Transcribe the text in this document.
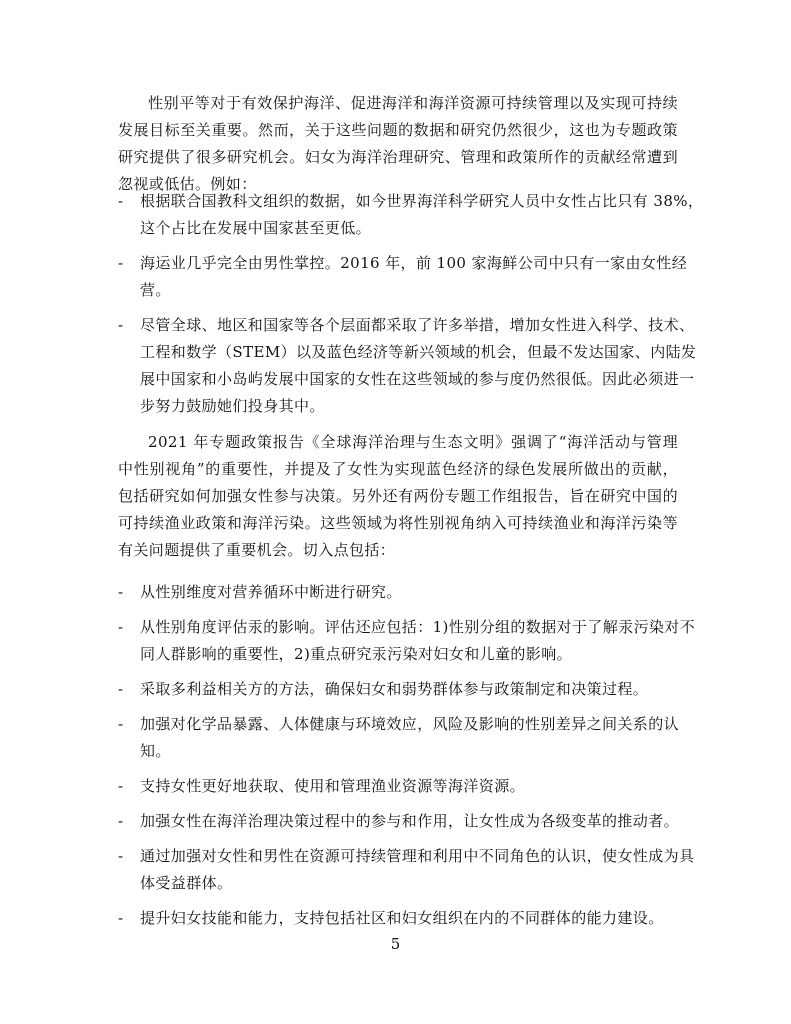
性别平等对于有效保护海洋、促进海洋和海洋资源可持续管理以及实现可持续发展目标至关重要。然而，关于这些问题的数据和研究仍然很少，这也为专题政策研究提供了很多研究机会。妇女为海洋治理研究、管理和政策所作的贡献经常遭到忽视或低估。例如：

-	根据联合国教科文组织的数据，如今世界海洋科学研究人员中女性占比只有 38%，这个占比在发展中国家甚至更低。
-	海运业几乎完全由男性掌控。2016 年，前 100 家海鲜公司中只有一家由女性经营。
-	尽管全球、地区和国家等各个层面都采取了许多举措，增加女性进入科学、技术、工程和数学（STEM）以及蓝色经济等新兴领域的机会，但最不发达国家、内陆发展中国家和小岛屿发展中国家的女性在这些领域的参与度仍然很低。因此必须进一步努力鼓励她们投身其中。

2021 年专题政策报告《全球海洋治理与生态文明》强调了“海洋活动与管理中性别视角”的重要性，并提及了女性为实现蓝色经济的绿色发展所做出的贡献，包括研究如何加强女性参与决策。另外还有两份专题工作组报告，旨在研究中国的可持续渔业政策和海洋污染。这些领域为将性别视角纳入可持续渔业和海洋污染等有关问题提供了重要机会。切入点包括：

-	从性别维度对营养循环中断进行研究。
-	从性别角度评估汞的影响。评估还应包括：1)性别分组的数据对于了解汞污染对不同人群影响的重要性，2)重点研究汞污染对妇女和儿童的影响。
-	采取多利益相关方的方法，确保妇女和弱势群体参与政策制定和决策过程。
-	加强对化学品暴露、人体健康与环境效应，风险及影响的性别差异之间关系的认知。
-	支持女性更好地获取、使用和管理渔业资源等海洋资源。
-	加强女性在海洋治理决策过程中的参与和作用，让女性成为各级变革的推动者。
-	通过加强对女性和男性在资源可持续管理和利用中不同角色的认识，使女性成为具体受益群体。
-	提升妇女技能和能力，支持包括社区和妇女组织在内的不同群体的能力建设。
5
